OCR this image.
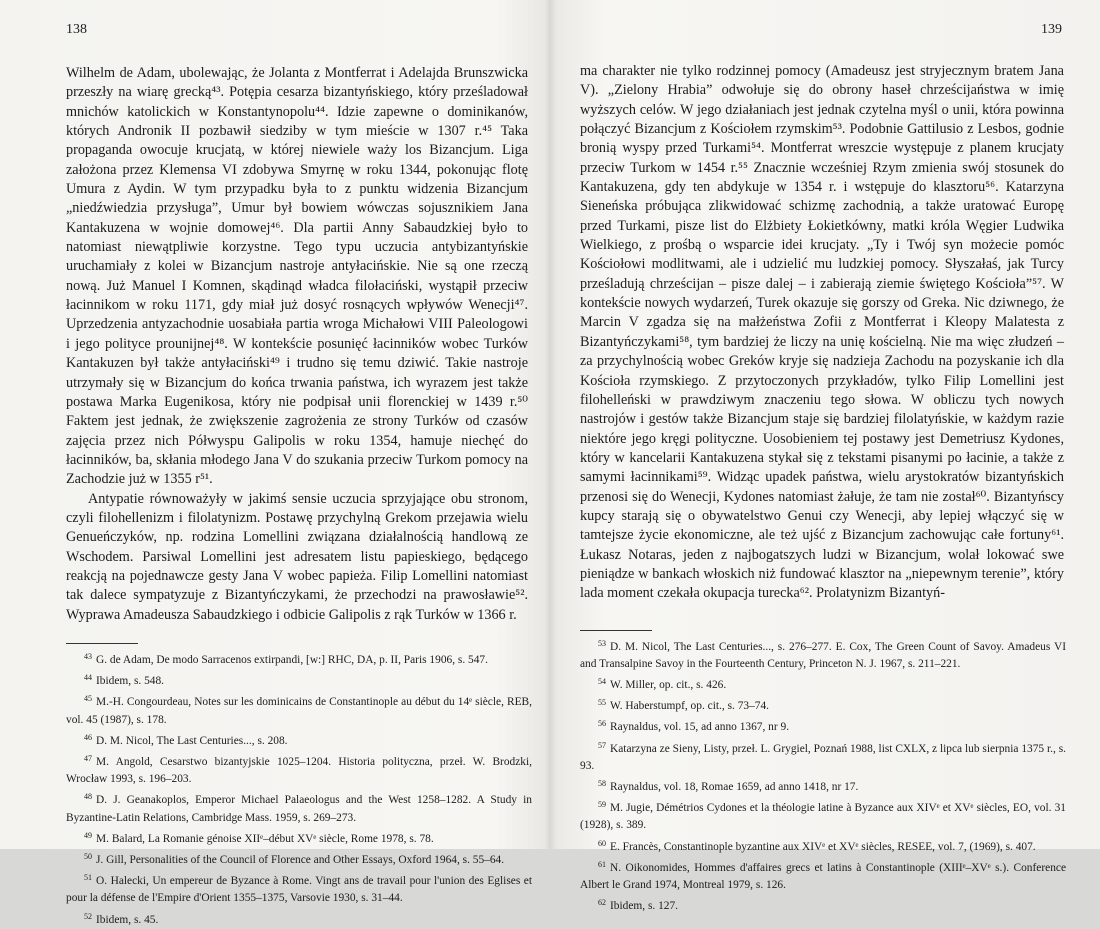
138

Wilhelm de Adam, ubolewając, że Jolanta z Montferrat i Adelajda Brunszwicka przeszły na wiarę grecką⁴³. Potępia cesarza bizantyńskiego, który prześladował mnichów katolickich w Konstantynopolu⁴⁴. Idzie zapewne o dominikanów, których Andronik II pozbawił siedziby w tym mieście w 1307 r.⁴⁵ Taka propaganda owocuje krucjatą, w której niewiele waży los Bizancjum. Liga założona przez Klemensa VI zdobywa Smyrnę w roku 1344, pokonując flotę Umura z Aydin. W tym przypadku była to z punktu widzenia Bizancjum „niedźwiedzia przysługa”, Umur był bowiem wówczas sojusznikiem Jana Kantakuzena w wojnie domowej⁴⁶. Dla partii Anny Sabaudzkiej było to natomiast niewątpliwie korzystne. Tego typu uczucia antybizantyńskie uruchamiały z kolei w Bizancjum nastroje antyłacińskie. Nie są one rzeczą nową. Już Manuel I Komnen, skądinąd władca filołaciński, wystąpił przeciw łacinnikom w roku 1171, gdy miał już dosyć rosnących wpływów Wenecji⁴⁷. Uprzedzenia antyzachodnie uosabiała partia wroga Michałowi VIII Paleologowi i jego polityce prounijnej⁴⁸. W kontekście posunięć łacinników wobec Turków Kantakuzen był także antyłaciński⁴⁹ i trudno się temu dziwić. Takie nastroje utrzymały się w Bizancjum do końca trwania państwa, ich wyrazem jest także postawa Marka Eugenikosa, który nie podpisał unii florenckiej w 1439 r.⁵⁰ Faktem jest jednak, że zwiększenie zagrożenia ze strony Turków od czasów zajęcia przez nich Półwyspu Galipolis w roku 1354, hamuje niechęć do łacinników, ba, skłania młodego Jana V do szukania przeciw Turkom pomocy na Zachodzie już w 1355 r⁵¹.

Antypatie równoważyły w jakimś sensie uczucia sprzyjające obu stronom, czyli filohellenizm i filolatynizm. Postawę przychylną Grekom przejawia wielu Genueńczyków, np. rodzina Lomellini związana działalnością handlową ze Wschodem. Parsiwal Lomellini jest adresatem listu papieskiego, będącego reakcją na pojednawcze gesty Jana V wobec papieża. Filip Lomellini natomiast tak dalece sympatyzuje z Bizantyńczykami, że przechodzi na prawosławie⁵². Wyprawa Amadeusza Sabaudzkiego i odbicie Galipolis z rąk Turków w 1366 r.

$^{43}$ G. de Adam, De modo Sarracenos extirpandi, [w:] RHC, DA, p. II, Paris 1906, s. 547.

$^{44}$ Ibidem, s. 548.

$^{45}$ M.-H. Congourdeau, Notes sur les dominicains de Constantinople au début du 14ᵉ siècle, REB, vol. 45 (1987), s. 178.

$^{46}$ D. M. Nicol, The Last Centuries..., s. 208.

$^{47}$ M. Angold, Cesarstwo bizantyjskie 1025–1204. Historia polityczna, przeł. W. Brodzki, Wrocław 1993, s. 196–203.

$^{48}$ D. J. Geanakoplos, Emperor Michael Palaeologus and the West 1258–1282. A Study in Byzantine-Latin Relations, Cambridge Mass. 1959, s. 269–273.

$^{49}$ M. Balard, La Romanie génoise XIIᵉ–début XVᵉ siècle, Rome 1978, s. 78.

$^{50}$ J. Gill, Personalities of the Council of Florence and Other Essays, Oxford 1964, s. 55–64.

$^{51}$ O. Halecki, Un empereur de Byzance à Rome. Vingt ans de travail pour l'union des Eglises et pour la défense de l'Empire d'Orient 1355–1375, Varsovie 1930, s. 31–44.

$^{52}$ Ibidem, s. 45.

139

ma charakter nie tylko rodzinnej pomocy (Amadeusz jest stryjecznym bratem Jana V). „Zielony Hrabia” odwołuje się do obrony haseł chrześcijaństwa w imię wyższych celów. W jego działaniach jest jednak czytelna myśl o unii, która powinna połączyć Bizancjum z Kościołem rzymskim⁵³. Podobnie Gattilusio z Lesbos, godnie bronią wyspy przed Turkami⁵⁴. Montferrat wreszcie występuje z planem krucjaty przeciw Turkom w 1454 r.⁵⁵ Znacznie wcześniej Rzym zmienia swój stosunek do Kantakuzena, gdy ten abdykuje w 1354 r. i wstępuje do klasztoru⁵⁶. Katarzyna Sieneńska próbująca zlikwidować schizmę zachodnią, a także uratować Europę przed Turkami, pisze list do Elżbiety Łokietkówny, matki króla Węgier Ludwika Wielkiego, z prośbą o wsparcie idei krucjaty. „Ty i Twój syn możecie pomóc Kościołowi modlitwami, ale i udzielić mu ludzkiej pomocy. Słyszałaś, jak Turcy prześladują chrześcijan – pisze dalej – i zabierają ziemie świętego Kościoła”⁵⁷. W kontekście nowych wydarzeń, Turek okazuje się gorszy od Greka. Nic dziwnego, że Marcin V zgadza się na małżeństwa Zofii z Montferrat i Kleopy Malatesta z Bizantyńczykami⁵⁸, tym bardziej że liczy na unię kościelną. Nie ma więc złudzeń – za przychylnością wobec Greków kryje się nadzieja Zachodu na pozyskanie ich dla Kościoła rzymskiego. Z przytoczonych przykładów, tylko Filip Lomellini jest filohelleński w prawdziwym znaczeniu tego słowa. W obliczu tych nowych nastrojów i gestów także Bizancjum staje się bardziej filolatyńskie, w każdym razie niektóre jego kręgi polityczne. Uosobieniem tej postawy jest Demetriusz Kydones, który w kancelarii Kantakuzena stykał się z tekstami pisanymi po łacinie, a także z samymi łacinnikami⁵⁹. Widząc upadek państwa, wielu arystokratów bizantyńskich przenosi się do Wenecji, Kydones natomiast żałuje, że tam nie został⁶⁰. Bizantyńscy kupcy starają się o obywatelstwo Genui czy Wenecji, aby lepiej włączyć się w tamtejsze życie ekonomiczne, ale też ujść z Bizancjum zachowując całe fortuny⁶¹. Łukasz Notaras, jeden z najbogatszych ludzi w Bizancjum, wolał lokować swe pieniądze w bankach włoskich niż fundować klasztor na „niepewnym terenie”, który lada moment czekała okupacja turecka⁶². Prolatynizm Bizantyń-

$^{53}$ D. M. Nicol, The Last Centuries..., s. 276–277. E. Cox, The Green Count of Savoy. Amadeus VI and Transalpine Savoy in the Fourteenth Century, Princeton N. J. 1967, s. 211–221.

$^{54}$ W. Miller, op. cit., s. 426.

$^{55}$ W. Haberstumpf, op. cit., s. 73–74.

$^{56}$ Raynaldus, vol. 15, ad anno 1367, nr 9.

$^{57}$ Katarzyna ze Sieny, Listy, przeł. L. Grygiel, Poznań 1988, list CXLX, z lipca lub sierpnia 1375 r., s. 93.

$^{58}$ Raynaldus, vol. 18, Romae 1659, ad anno 1418, nr 17.

$^{59}$ M. Jugie, Démétrios Cydones et la théologie latine à Byzance aux XIVᵉ et XVᵉ siècles, EO, vol. 31 (1928), s. 389.

$^{60}$ E. Francès, Constantinople byzantine aux XIVᵉ et XVᵉ siècles, RESEE, vol. 7, (1969), s. 407.

$^{61}$ N. Oikonomides, Hommes d'affaires grecs et latins à Constantinople (XIIIᵉ–XVᵉ s.). Conference Albert le Grand 1974, Montreal 1979, s. 126.

$^{62}$ Ibidem, s. 127.
